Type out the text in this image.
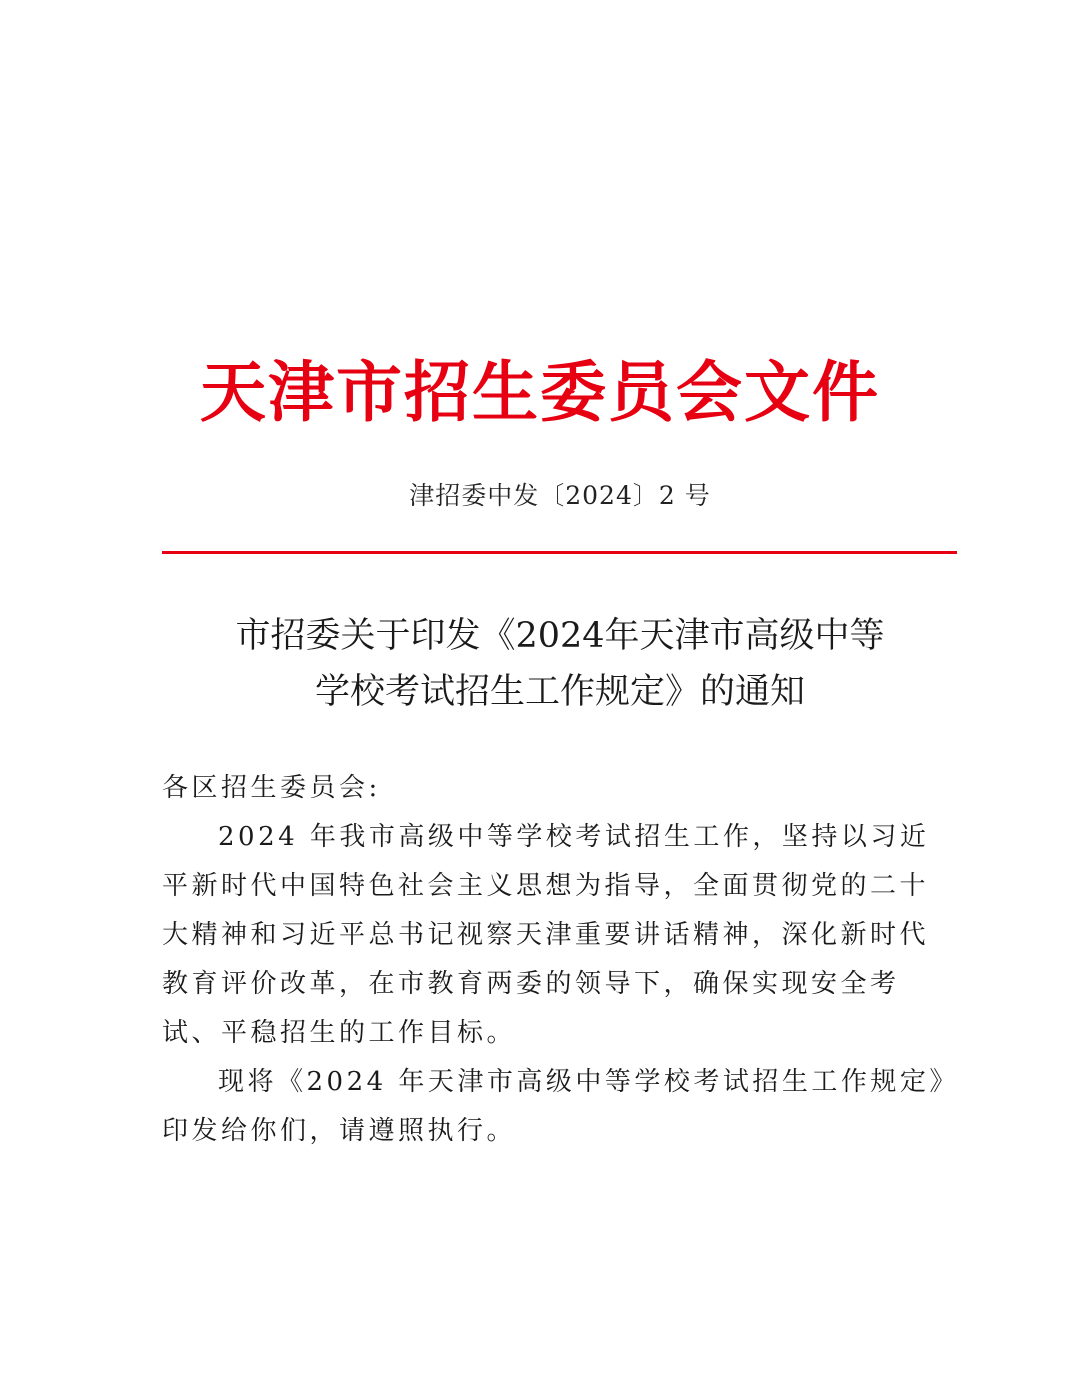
天津市招生委员会文件
津招委中发〔2024〕2 号
市招委关于印发《2024年天津市高级中等
学校考试招生工作规定》的通知
各区招生委员会:
2024 年我市高级中等学校考试招生工作，坚持以习近平新时代中国特色社会主义思想为指导，全面贯彻党的二十大精神和习近平总书记视察天津重要讲话精神，深化新时代教育评价改革，在市教育两委的领导下，确保实现安全考试、平稳招生的工作目标。
现将《2024 年天津市高级中等学校考试招生工作规定》印发给你们，请遵照执行。
